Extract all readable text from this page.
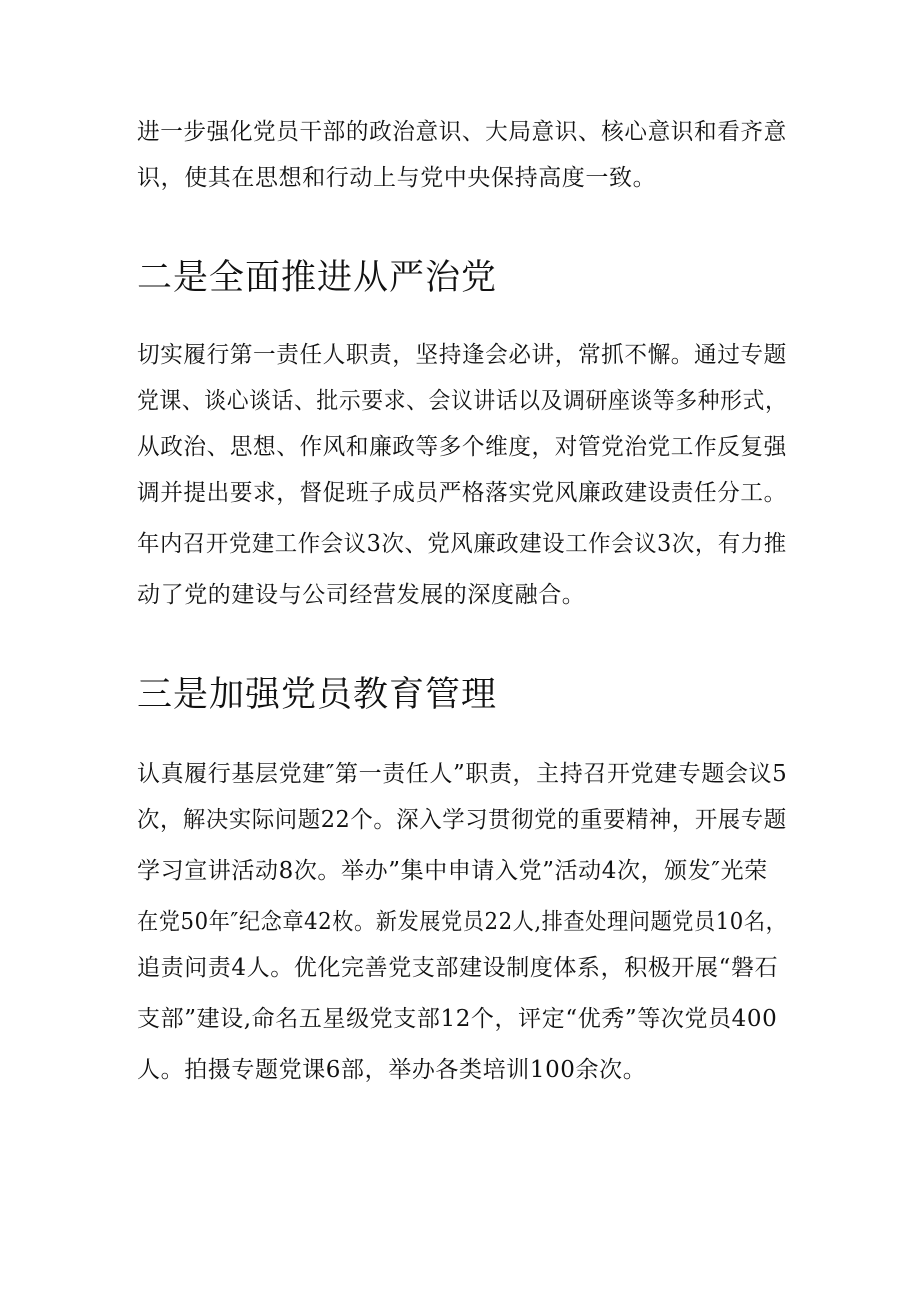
进一步强化党员干部的政治意识、大局意识、核心意识和看齐意

识，使其在思想和行动上与党中央保持高度一致。

二是全面推进从严治党

切实履行第一责任人职责，坚持逢会必讲，常抓不懈。通过专题

党课、谈心谈话、批示要求、会议讲话以及调研座谈等多种形式，

从政治、思想、作风和廉政等多个维度，对管党治党工作反复强

调并提出要求，督促班子成员严格落实党风廉政建设责任分工。

年内召开党建工作会议3次、党风廉政建设工作会议3次，有力推

动了党的建设与公司经营发展的深度融合。

三是加强党员教育管理

认真履行基层党建″第一责任人”职责，主持召开党建专题会议5

次，解决实际问题22个。深入学习贯彻党的重要精神，开展专题

学习宣讲活动8次。举办”集中申请入党”活动4次，颁发″光荣

在党50年″纪念章42枚。新发展党员22人,排查处理问题党员10名，

追责问责4人。优化完善党支部建设制度体系，积极开展“磐石

支部”建设,命名五星级党支部12个，评定“优秀”等次党员400

人。拍摄专题党课6部，举办各类培训100余次。
